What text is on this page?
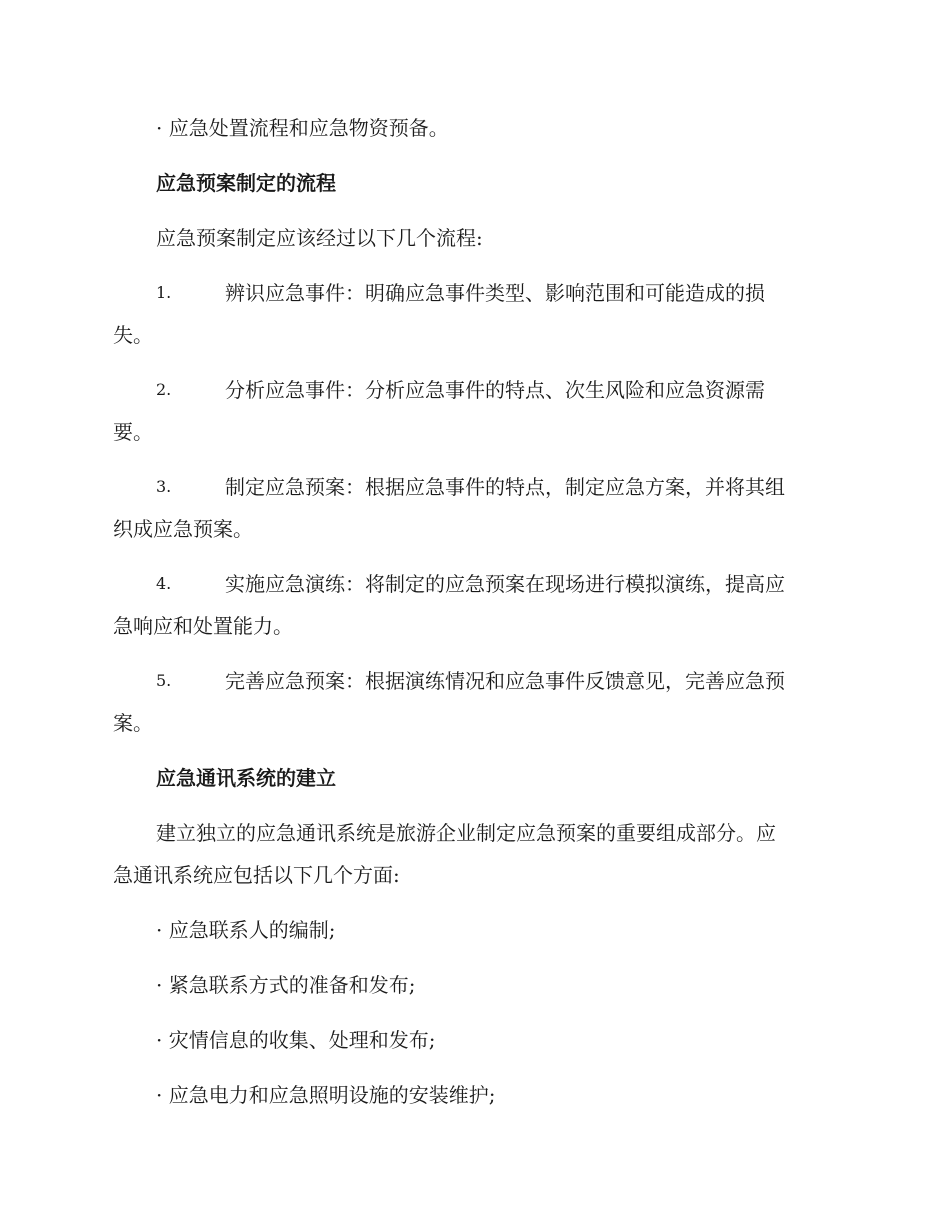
· 应急处置流程和应急物资预备。
应急预案制定的流程
应急预案制定应该经过以下几个流程:
1.	辨识应急事件：明确应急事件类型、影响范围和可能造成的损
失。
2.	分析应急事件：分析应急事件的特点、次生风险和应急资源需
要。
3.	制定应急预案：根据应急事件的特点，制定应急方案，并将其组
织成应急预案。
4.	实施应急演练：将制定的应急预案在现场进行模拟演练，提高应
急响应和处置能力。
5.	完善应急预案：根据演练情况和应急事件反馈意见，完善应急预
案。
应急通讯系统的建立
建立独立的应急通讯系统是旅游企业制定应急预案的重要组成部分。应
急通讯系统应包括以下几个方面:
· 应急联系人的编制;
· 紧急联系方式的准备和发布;
· 灾情信息的收集、处理和发布;
· 应急电力和应急照明设施的安装维护;
